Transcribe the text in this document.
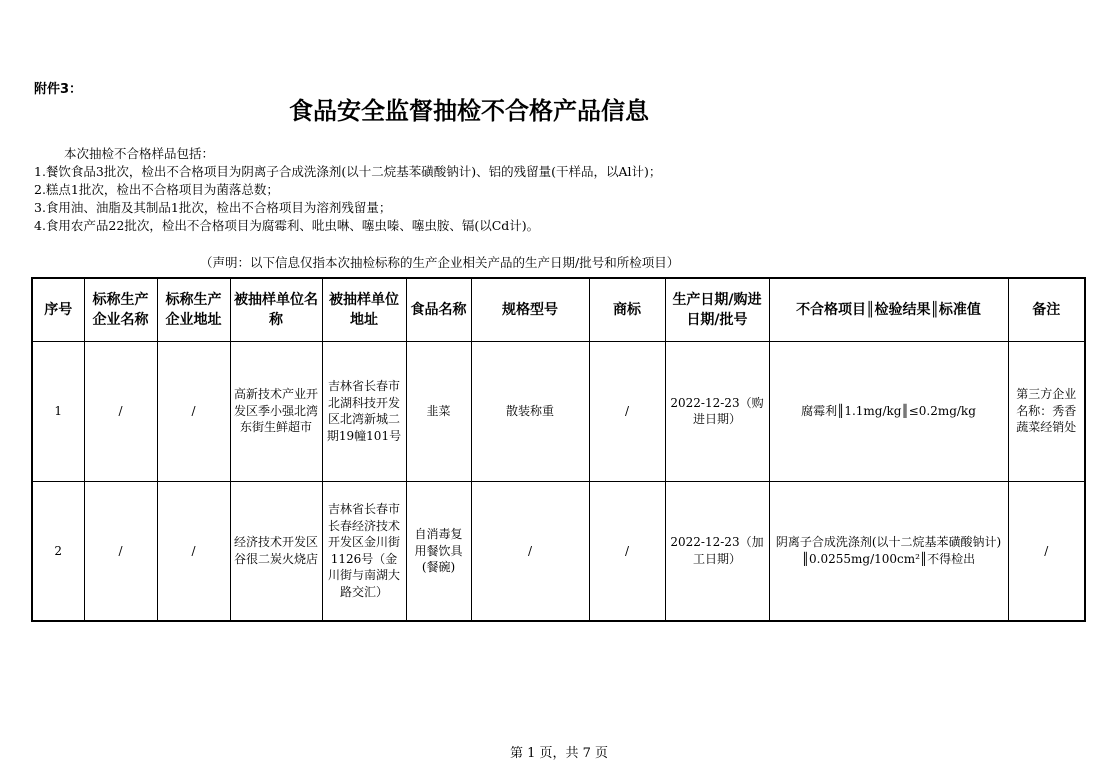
附件3：
食品安全监督抽检不合格产品信息
本次抽检不合格样品包括：
1.餐饮食品3批次，检出不合格项目为阴离子合成洗涤剂(以十二烷基苯磺酸钠计)、铝的残留量(干样品，以Al计)；
2.糕点1批次，检出不合格项目为菌落总数；
3.食用油、油脂及其制品1批次，检出不合格项目为溶剂残留量；
4.食用农产品22批次，检出不合格项目为腐霉利、吡虫啉、噻虫嗪、噻虫胺、镉(以Cd计)。
（声明：以下信息仅指本次抽检标称的生产企业相关产品的生产日期/批号和所检项目）
序号	标称生产企业名称	标称生产企业地址	被抽样单位名称	被抽样单位地址	食品名称	规格型号	商标	生产日期/购进日期/批号	不合格项目║检验结果║标准值	备注
1	/	/	高新技术产业开发区季小强北湾东街生鲜超市	吉林省长春市北湖科技开发区北湾新城二期19幢101号	韭菜	散装称重	/	2022-12-23（购进日期）	腐霉利║1.1mg/kg║≤0.2mg/kg	第三方企业名称：秀香蔬菜经销处
2	/	/	经济技术开发区谷很二炭火烧店	吉林省长春市长春经济技术开发区金川街1126号（金川街与南湖大路交汇）	自消毒复用餐饮具(餐碗)	/	/	2022-12-23（加工日期）	阴离子合成洗涤剂(以十二烷基苯磺酸钠计)║0.0255mg/100cm²║不得检出	/
第 1 页，共 7 页
